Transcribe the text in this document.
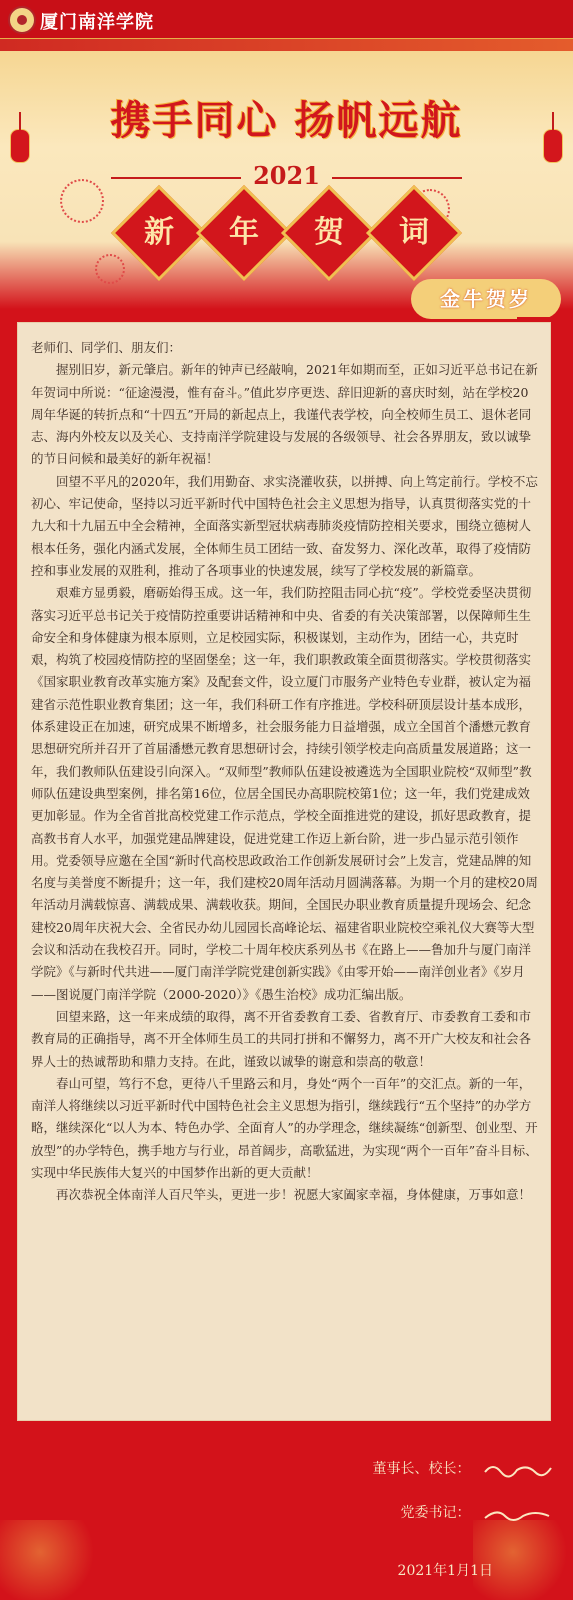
厦门南洋学院
携手同心 扬帆远航
2021
新
	年
	贺
	词
金牛贺岁

老师们、同学们、朋友们：

握别旧岁，新元肇启。新年的钟声已经敲响，2021年如期而至，正如习近平总书记在新年贺词中所说：“征途漫漫，惟有奋斗。”值此岁序更迭、辞旧迎新的喜庆时刻，站在学校20周年华诞的转折点和“十四五”开局的新起点上，我谨代表学校，向全校师生员工、退休老同志、海内外校友以及关心、支持南洋学院建设与发展的各级领导、社会各界朋友，致以诚挚的节日问候和最美好的新年祝福！

回望不平凡的2020年，我们用勤奋、求实浇灌收获，以拼搏、向上笃定前行。学校不忘初心、牢记使命，坚持以习近平新时代中国特色社会主义思想为指导，认真贯彻落实党的十九大和十九届五中全会精神，全面落实新型冠状病毒肺炎疫情防控相关要求，围绕立德树人根本任务，强化内涵式发展，全体师生员工团结一致、奋发努力、深化改革，取得了疫情防控和事业发展的双胜利，推动了各项事业的快速发展，续写了学校发展的新篇章。

艰难方显勇毅，磨砺始得玉成。这一年，我们防控阻击同心抗“疫”。学校党委坚决贯彻落实习近平总书记关于疫情防控重要讲话精神和中央、省委的有关决策部署，以保障师生生命安全和身体健康为根本原则，立足校园实际，积极谋划，主动作为，团结一心，共克时艰，构筑了校园疫情防控的坚固堡垒；这一年，我们职教政策全面贯彻落实。学校贯彻落实《国家职业教育改革实施方案》及配套文件，设立厦门市服务产业特色专业群，被认定为福建省示范性职业教育集团；这一年，我们科研工作有序推进。学校科研顶层设计基本成形，体系建设正在加速，研究成果不断增多，社会服务能力日益增强，成立全国首个潘懋元教育思想研究所并召开了首届潘懋元教育思想研讨会，持续引领学校走向高质量发展道路；这一年，我们教师队伍建设引向深入。“双师型”教师队伍建设被遴选为全国职业院校“双师型”教师队伍建设典型案例，排名第16位，位居全国民办高职院校第1位；这一年，我们党建成效更加彰显。作为全省首批高校党建工作示范点，学校全面推进党的建设，抓好思政教育，提高教书育人水平，加强党建品牌建设，促进党建工作迈上新台阶，进一步凸显示范引领作用。党委领导应邀在全国“新时代高校思政政治工作创新发展研讨会”上发言，党建品牌的知名度与美誉度不断提升；这一年，我们建校20周年活动月圆满落幕。为期一个月的建校20周年活动月满载惊喜、满载成果、满载收获。期间，全国民办职业教育质量提升现场会、纪念建校20周年庆祝大会、全省民办幼儿园园长高峰论坛、福建省职业院校空乘礼仪大赛等大型会议和活动在我校召开。同时，学校二十周年校庆系列丛书《在路上——鲁加升与厦门南洋学院》《与新时代共进——厦门南洋学院党建创新实践》《由零开始——南洋创业者》《岁月——图说厦门南洋学院（2000-2020）》《愚生治校》成功汇编出版。

回望来路，这一年来成绩的取得，离不开省委教育工委、省教育厅、市委教育工委和市教育局的正确指导，离不开全体师生员工的共同打拼和不懈努力，离不开广大校友和社会各界人士的热诚帮助和鼎力支持。在此，谨致以诚挚的谢意和崇高的敬意！

春山可望，笃行不怠，更待八千里路云和月，身处“两个一百年”的交汇点。新的一年，南洋人将继续以习近平新时代中国特色社会主义思想为指引，继续践行“五个坚持”的办学方略，继续深化“以人为本、特色办学、全面育人”的办学理念，继续凝练“创新型、创业型、开放型”的办学特色，携手地方与行业，昂首阔步，高歌猛进，为实现“两个一百年”奋斗目标、实现中华民族伟大复兴的中国梦作出新的更大贡献！

再次恭祝全体南洋人百尺竿头，更进一步！祝愿大家阖家幸福，身体健康，万事如意！

董事长、校长：
党委书记：
2021年1月1日
